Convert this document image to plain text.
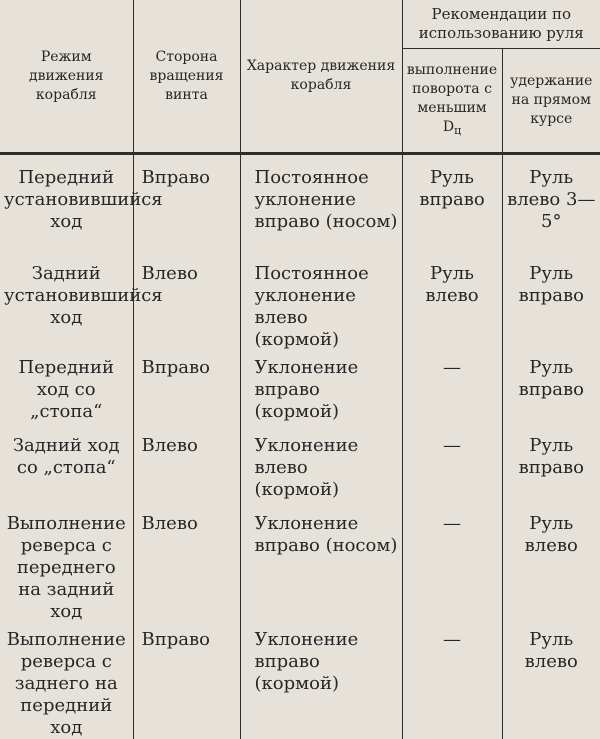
Режим движения корабля	Сторона вращения винта	Характер движения корабля	Рекомендации по использованию руля	
			выполнение поворота с меньшим $D_ц$	удержание на прямом курсе
Передний установившийся ход	Вправо	Постоянное уклонение вправо (носом)	Руль вправо	Руль влево 3—5°
Задний установившийся ход	Влево	Постоянное уклонение влево (кормой)	Руль влево	Руль вправо
Передний ход со „стопа“	Вправо	Уклонение вправо (кормой)	—	Руль вправо
Задний ход со „стопа“	Влево	Уклонение влево (кормой)	—	Руль вправо
Выполнение реверса с переднего на задний ход	Влево	Уклонение вправо (носом)	—	Руль влево
Выполнение реверса с заднего на передний ход	Вправо	Уклонение вправо (кормой)	—	Руль влево
